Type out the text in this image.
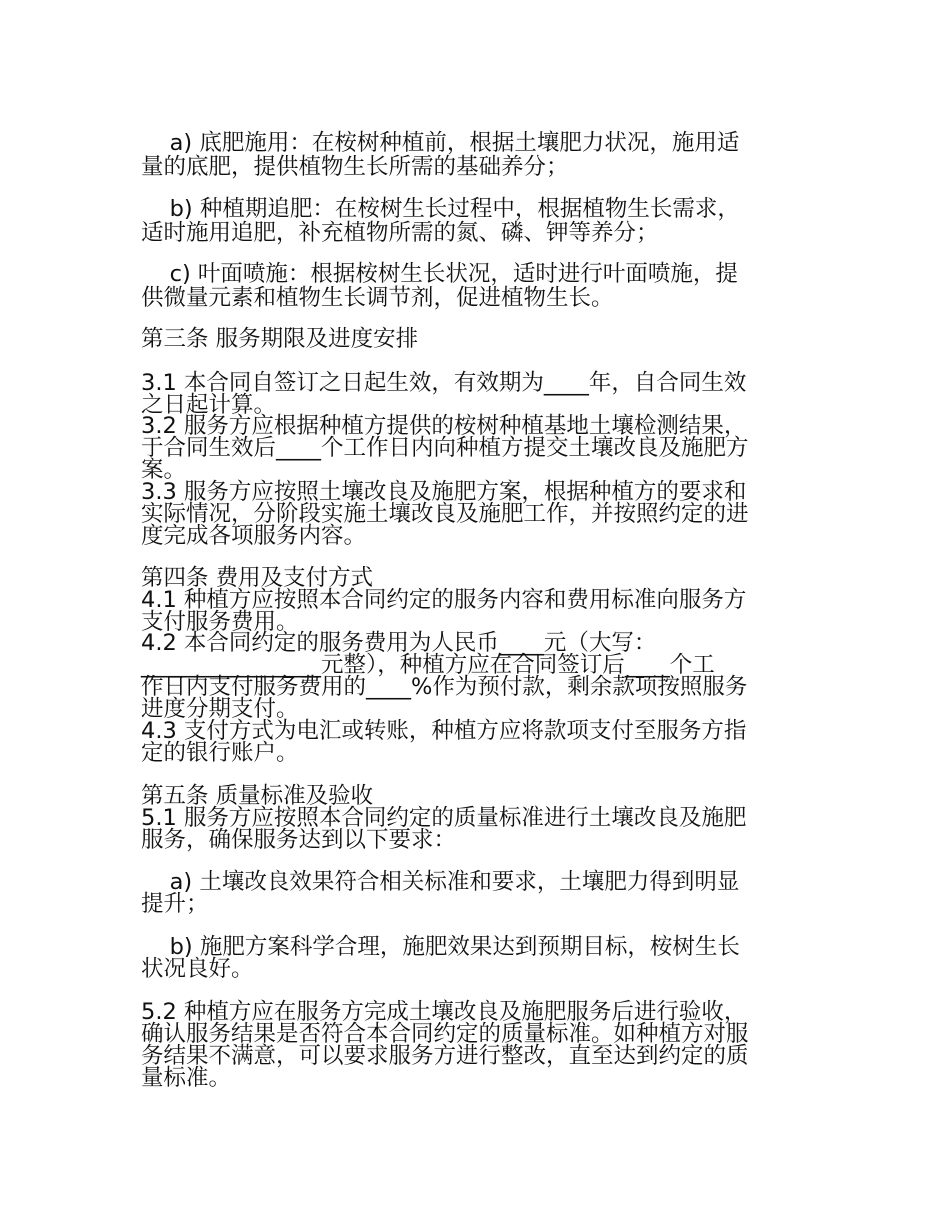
a) 底肥施用：在桉树种植前，根据土壤肥力状况，施用适
量的底肥，提供植物生长所需的基础养分；
b) 种植期追肥：在桉树生长过程中，根据植物生长需求，
适时施用追肥，补充植物所需的氮、磷、钾等养分；
c) 叶面喷施：根据桉树生长状况，适时进行叶面喷施，提
供微量元素和植物生长调节剂，促进植物生长。
第三条 服务期限及进度安排
3.1 本合同自签订之日起生效，有效期为____年，自合同生效
之日起计算。
3.2 服务方应根据种植方提供的桉树种植基地土壤检测结果，
于合同生效后____个工作日内向种植方提交土壤改良及施肥方
案。
3.3 服务方应按照土壤改良及施肥方案，根据种植方的要求和
实际情况，分阶段实施土壤改良及施肥工作，并按照约定的进
度完成各项服务内容。
第四条 费用及支付方式
4.1 种植方应按照本合同约定的服务内容和费用标准向服务方
支付服务费用。
4.2 本合同约定的服务费用为人民币____元（大写：
________________元整），种植方应在合同签订后____个工
作日内支付服务费用的____%作为预付款，剩余款项按照服务
进度分期支付。
4.3 支付方式为电汇或转账，种植方应将款项支付至服务方指
定的银行账户。
第五条 质量标准及验收
5.1 服务方应按照本合同约定的质量标准进行土壤改良及施肥
服务，确保服务达到以下要求：
a) 土壤改良效果符合相关标准和要求，土壤肥力得到明显
提升；
b) 施肥方案科学合理，施肥效果达到预期目标，桉树生长
状况良好。
5.2 种植方应在服务方完成土壤改良及施肥服务后进行验收，
确认服务结果是否符合本合同约定的质量标准。如种植方对服
务结果不满意，可以要求服务方进行整改，直至达到约定的质
量标准。
